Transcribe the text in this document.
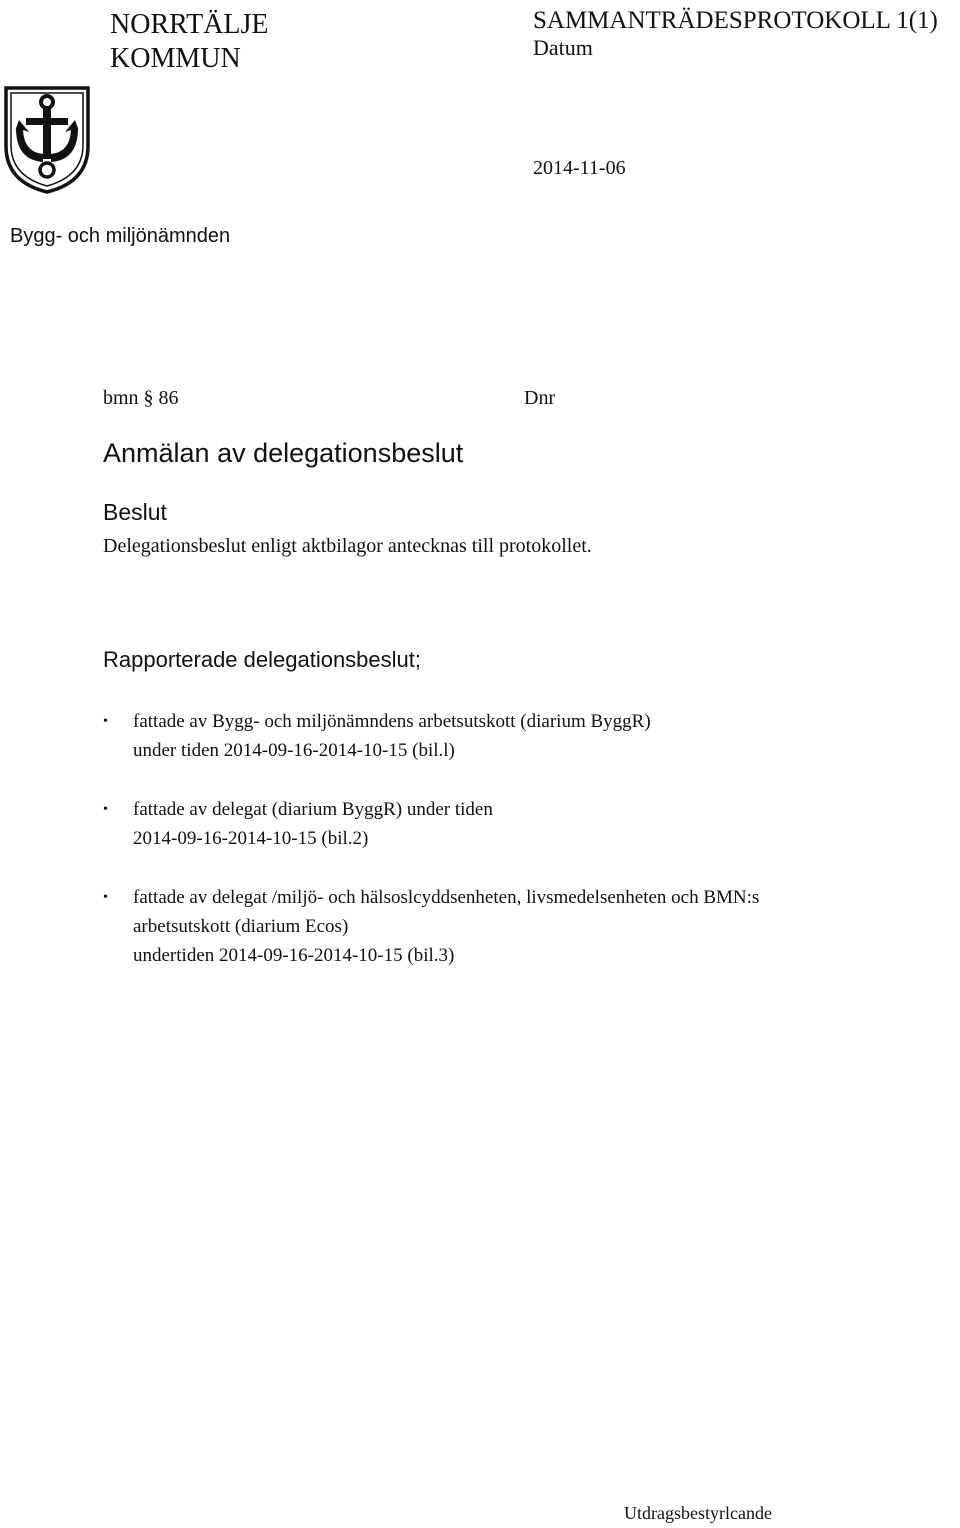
NORRTÄLJE
KOMMUN
SAMMANTRÄDESPROTOKOLL 1(1)
Datum
2014-11-06
Bygg- och miljönämnden
bmn § 86	Dnr
Anmälan av delegationsbeslut
Beslut
Delegationsbeslut enligt aktbilagor antecknas till protokollet.
Rapporterade delegationsbeslut;
• fattade av Bygg- och miljönämndens arbetsutskott (diarium ByggR)
under tiden 2014-09-16-2014-10-15 (bil.l)
• fattade av delegat (diarium ByggR) under tiden
2014-09-16-2014-10-15 (bil.2)
• fattade av delegat /miljö- och hälsoslcyddsenheten, livsmedelsenheten och BMN:s
arbetsutskott (diarium Ecos)
undertiden 2014-09-16-2014-10-15 (bil.3)
Utdragsbestyrlcande
